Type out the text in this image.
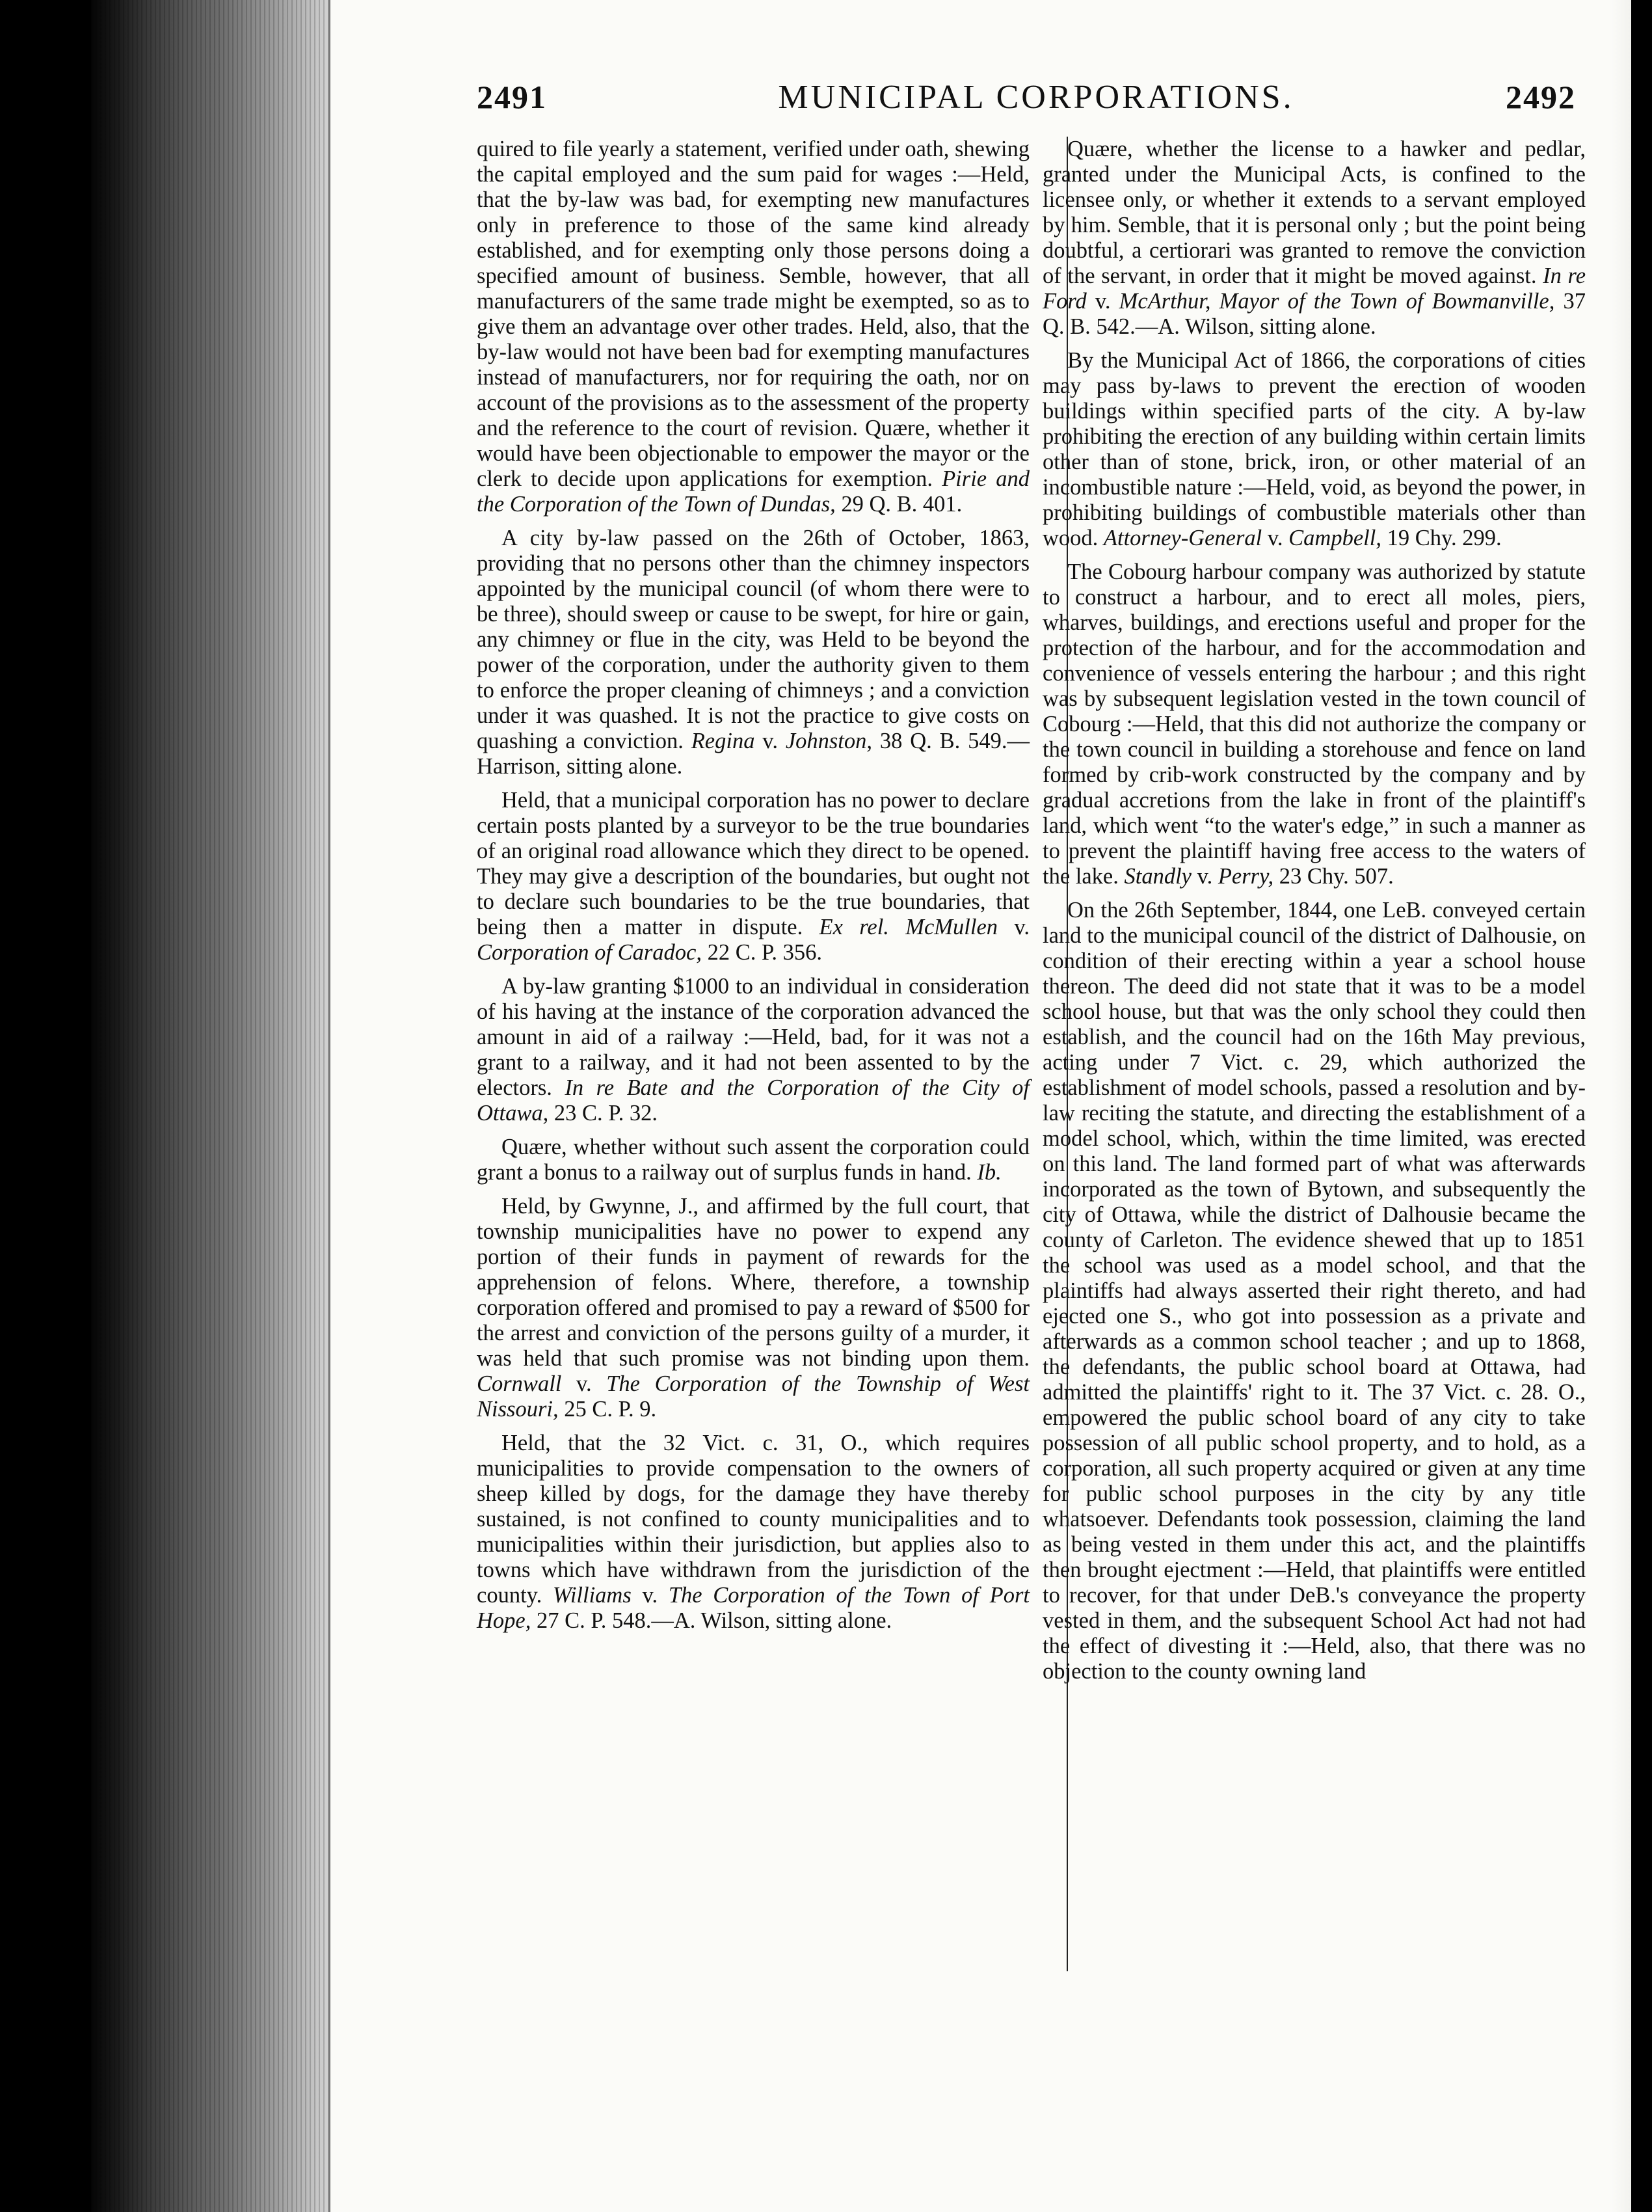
2491	MUNICIPAL CORPORATIONS.	2492

quired to file yearly a statement, verified under oath, shewing the capital employed and the sum paid for wages :—Held, that the by-law was bad, for exempting new manufactures only in preference to those of the same kind already established, and for exempting only those persons doing a specified amount of business. Semble, however, that all manufacturers of the same trade might be exempted, so as to give them an advantage over other trades. Held, also, that the by-law would not have been bad for exempting manufactures instead of manufacturers, nor for requiring the oath, nor on account of the provisions as to the assessment of the property and the reference to the court of revision. Quære, whether it would have been objectionable to empower the mayor or the clerk to decide upon applications for exemption. Pirie and the Corporation of the Town of Dundas, 29 Q. B. 401.

A city by-law passed on the 26th of October, 1863, providing that no persons other than the chimney inspectors appointed by the municipal council (of whom there were to be three), should sweep or cause to be swept, for hire or gain, any chimney or flue in the city, was Held to be beyond the power of the corporation, under the authority given to them to enforce the proper cleaning of chimneys ; and a conviction under it was quashed. It is not the practice to give costs on quashing a conviction. Regina v. Johnston, 38 Q. B. 549.—Harrison, sitting alone.

Held, that a municipal corporation has no power to declare certain posts planted by a surveyor to be the true boundaries of an original road allowance which they direct to be opened. They may give a description of the boundaries, but ought not to declare such boundaries to be the true boundaries, that being then a matter in dispute. Ex rel. McMullen v. Corporation of Caradoc, 22 C. P. 356.

A by-law granting $1000 to an individual in consideration of his having at the instance of the corporation advanced the amount in aid of a railway :—Held, bad, for it was not a grant to a railway, and it had not been assented to by the electors. In re Bate and the Corporation of the City of Ottawa, 23 C. P. 32.

Quære, whether without such assent the corporation could grant a bonus to a railway out of surplus funds in hand. Ib.

Held, by Gwynne, J., and affirmed by the full court, that township municipalities have no power to expend any portion of their funds in payment of rewards for the apprehension of felons. Where, therefore, a township corporation offered and promised to pay a reward of $500 for the arrest and conviction of the persons guilty of a murder, it was held that such promise was not binding upon them. Cornwall v. The Corporation of the Township of West Nissouri, 25 C. P. 9.

Held, that the 32 Vict. c. 31, O., which requires municipalities to provide compensation to the owners of sheep killed by dogs, for the damage they have thereby sustained, is not confined to county municipalities and to municipalities within their jurisdiction, but applies also to towns which have withdrawn from the jurisdiction of the county. Williams v. The Corporation of the Town of Port Hope, 27 C. P. 548.—A. Wilson, sitting alone.

Quære, whether the license to a hawker and pedlar, granted under the Municipal Acts, is confined to the licensee only, or whether it extends to a servant employed by him. Semble, that it is personal only ; but the point being doubtful, a certiorari was granted to remove the conviction of the servant, in order that it might be moved against. In re Ford v. McArthur, Mayor of the Town of Bowmanville, 37 Q. B. 542.—A. Wilson, sitting alone.

By the Municipal Act of 1866, the corporations of cities may pass by-laws to prevent the erection of wooden buildings within specified parts of the city. A by-law prohibiting the erection of any building within certain limits other than of stone, brick, iron, or other material of an incombustible nature :—Held, void, as beyond the power, in prohibiting buildings of combustible materials other than wood. Attorney-General v. Campbell, 19 Chy. 299.

The Cobourg harbour company was authorized by statute to construct a harbour, and to erect all moles, piers, wharves, buildings, and erections useful and proper for the protection of the harbour, and for the accommodation and convenience of vessels entering the harbour ; and this right was by subsequent legislation vested in the town council of Cobourg :—Held, that this did not authorize the company or the town council in building a storehouse and fence on land formed by crib-work constructed by the company and by gradual accretions from the lake in front of the plaintiff's land, which went “to the water's edge,” in such a manner as to prevent the plaintiff having free access to the waters of the lake. Standly v. Perry, 23 Chy. 507.

On the 26th September, 1844, one LeB. conveyed certain land to the municipal council of the district of Dalhousie, on condition of their erecting within a year a school house thereon. The deed did not state that it was to be a model school house, but that was the only school they could then establish, and the council had on the 16th May previous, acting under 7 Vict. c. 29, which authorized the establishment of model schools, passed a resolution and by-law reciting the statute, and directing the establishment of a model school, which, within the time limited, was erected on this land. The land formed part of what was afterwards incorporated as the town of Bytown, and subsequently the city of Ottawa, while the district of Dalhousie became the county of Carleton. The evidence shewed that up to 1851 the school was used as a model school, and that the plaintiffs had always asserted their right thereto, and had ejected one S., who got into possession as a private and afterwards as a common school teacher ; and up to 1868, the defendants, the public school board at Ottawa, had admitted the plaintiffs' right to it. The 37 Vict. c. 28. O., empowered the public school board of any city to take possession of all public school property, and to hold, as a corporation, all such property acquired or given at any time for public school purposes in the city by any title whatsoever. Defendants took possession, claiming the land as being vested in them under this act, and the plaintiffs then brought ejectment :—Held, that plaintiffs were entitled to recover, for that under DeB.'s conveyance the property vested in them, and the subsequent School Act had not had the effect of divesting it :—Held, also, that there was no objection to the county owning land
